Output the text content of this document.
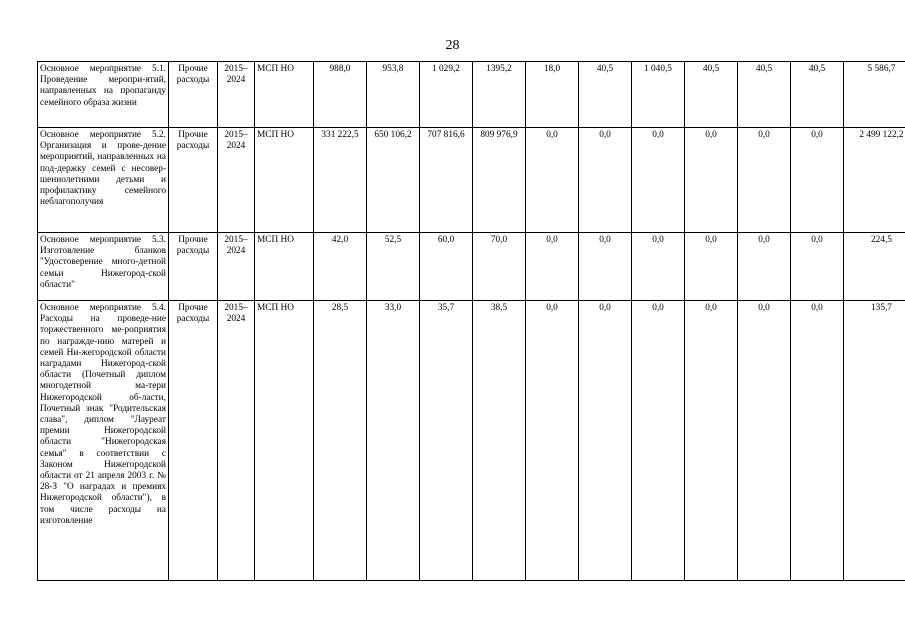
28
Основное мероприятие 5.1. Проведение меропри-ятий, направленных на пропаганду семейного образа жизни	Прочие расходы	2015–2024	МСП НО	988,0	953,8	1 029,2	1395,2	18,0	40,5	1 040,5	40,5	40,5	40,5	5 586,7
Основное мероприятие 5.2. Организация и прове-дение мероприятий, направленных на под-держку семей с несовер-шеннолетними детьми и профилактику семейного неблагополучия	Прочие расходы	2015–2024	МСП НО	331 222,5	650 106,2	707 816,6	809 976,9	0,0	0,0	0,0	0,0	0,0	0,0	2 499 122,2
Основное мероприятие 5.3. Изготовление бланков "Удостоверение много-детной семьи Нижегород-ской области"	Прочие расходы	2015–2024	МСП НО	42,0	52,5	60,0	70,0	0,0	0,0	0,0	0,0	0,0	0,0	224,5
Основное мероприятие 5.4. Расходы на проведе-ние торжественного ме-роприятия по награжде-нию матерей и семей Ни-жегородской области наградами Нижегород-ской области (Почетный диплом многодетной ма-тери Нижегородской об-ласти, Почетный знак "Родительская слава", диплом "Лауреат премии Нижегородской области "Нижегородская семья" в соответствии с Законом Нижегородской области от 21 апреля 2003 г. № 28-З "О наградах и премиях Нижегородской области"), в том числе расходы на изготовление	Прочие расходы	2015–2024	МСП НО	28,5	33,0	35,7	38,5	0,0	0,0	0,0	0,0	0,0	0,0	135,7
